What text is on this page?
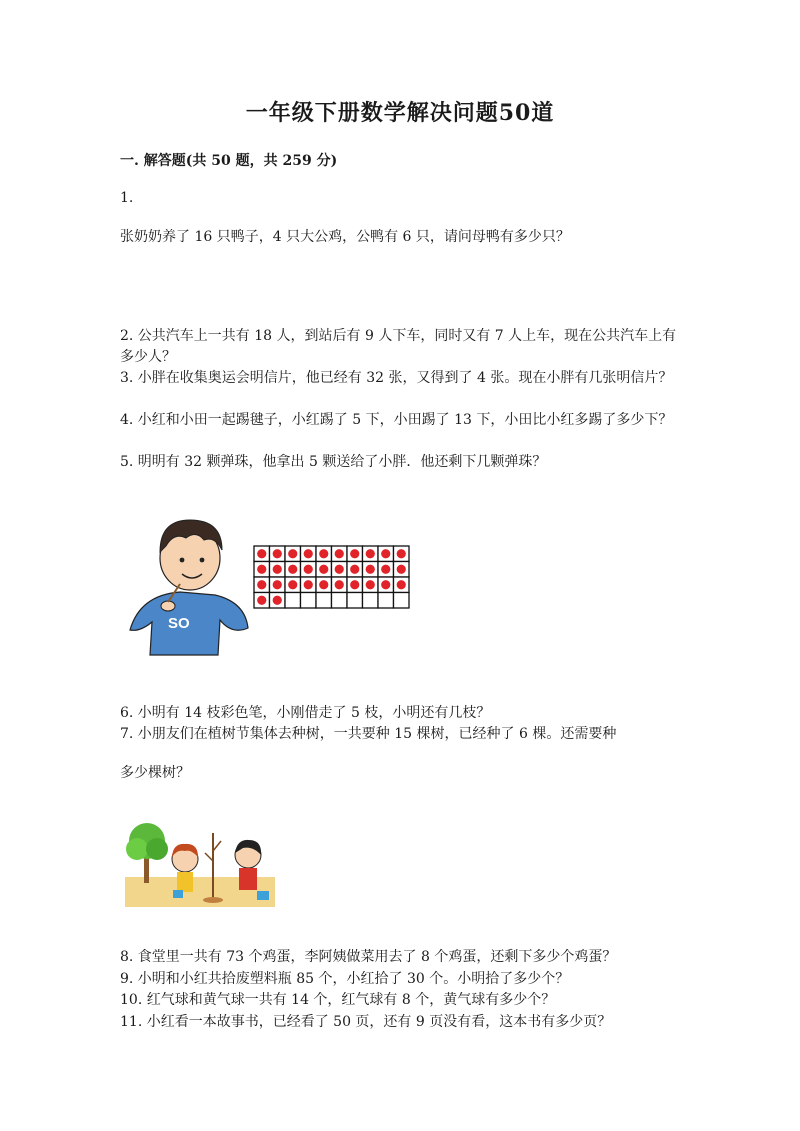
一年级下册数学解决问题50道
一. 解答题(共 50 题，共 259 分)
1.
张奶奶养了 16 只鸭子，4 只大公鸡，公鸭有 6 只，请问母鸭有多少只？
2. 公共汽车上一共有 18 人，到站后有 9 人下车，同时又有 7 人上车，现在公共汽车上有多少人？
3. 小胖在收集奥运会明信片，他已经有 32 张，又得到了 4 张。现在小胖有几张明信片？
4. 小红和小田一起踢毽子，小红踢了 5 下，小田踢了 13 下，小田比小红多踢了多少下？
5. 明明有 32 颗弹珠，他拿出 5 颗送给了小胖．他还剩下几颗弹珠？
SO
6. 小明有 14 枝彩色笔，小刚借走了 5 枝，小明还有几枝？
7. 小朋友们在植树节集体去种树，一共要种 15 棵树，已经种了 6 棵。还需要种
多少棵树？
8. 食堂里一共有 73 个鸡蛋，李阿姨做菜用去了 8 个鸡蛋，还剩下多少个鸡蛋？
9. 小明和小红共拾废塑料瓶 85 个，小红拾了 30 个。小明拾了多少个？
10. 红气球和黄气球一共有 14 个，红气球有 8 个，黄气球有多少个？
11. 小红看一本故事书，已经看了 50 页，还有 9 页没有看，这本书有多少页？
